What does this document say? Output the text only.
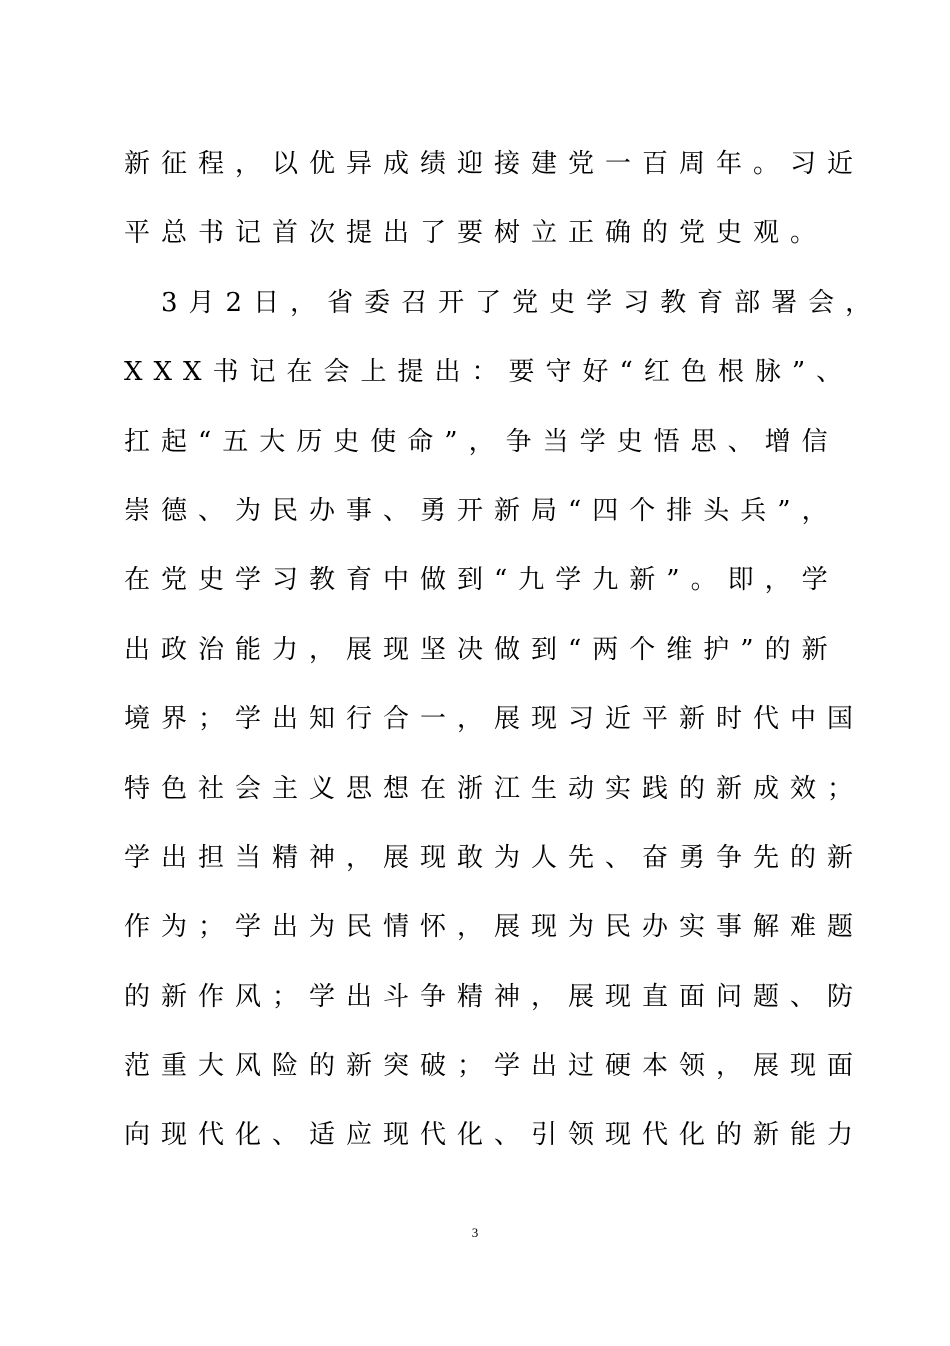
新征程，以优异成绩迎接建党一百周年。习近
平总书记首次提出了要树立正确的党史观。
　3月2日，省委召开了党史学习教育部署会，
XXX书记在会上提出：要守好“红色根脉”、
扛起“五大历史使命”，争当学史悟思、增信
崇德、为民办事、勇开新局“四个排头兵”，
在党史学习教育中做到“九学九新”。即，学
出政治能力，展现坚决做到“两个维护”的新
境界；学出知行合一，展现习近平新时代中国
特色社会主义思想在浙江生动实践的新成效；
学出担当精神，展现敢为人先、奋勇争先的新
作为；学出为民情怀，展现为民办实事解难题
的新作风；学出斗争精神，展现直面问题、防
范重大风险的新突破；学出过硬本领，展现面
向现代化、适应现代化、引领现代化的新能力
3
